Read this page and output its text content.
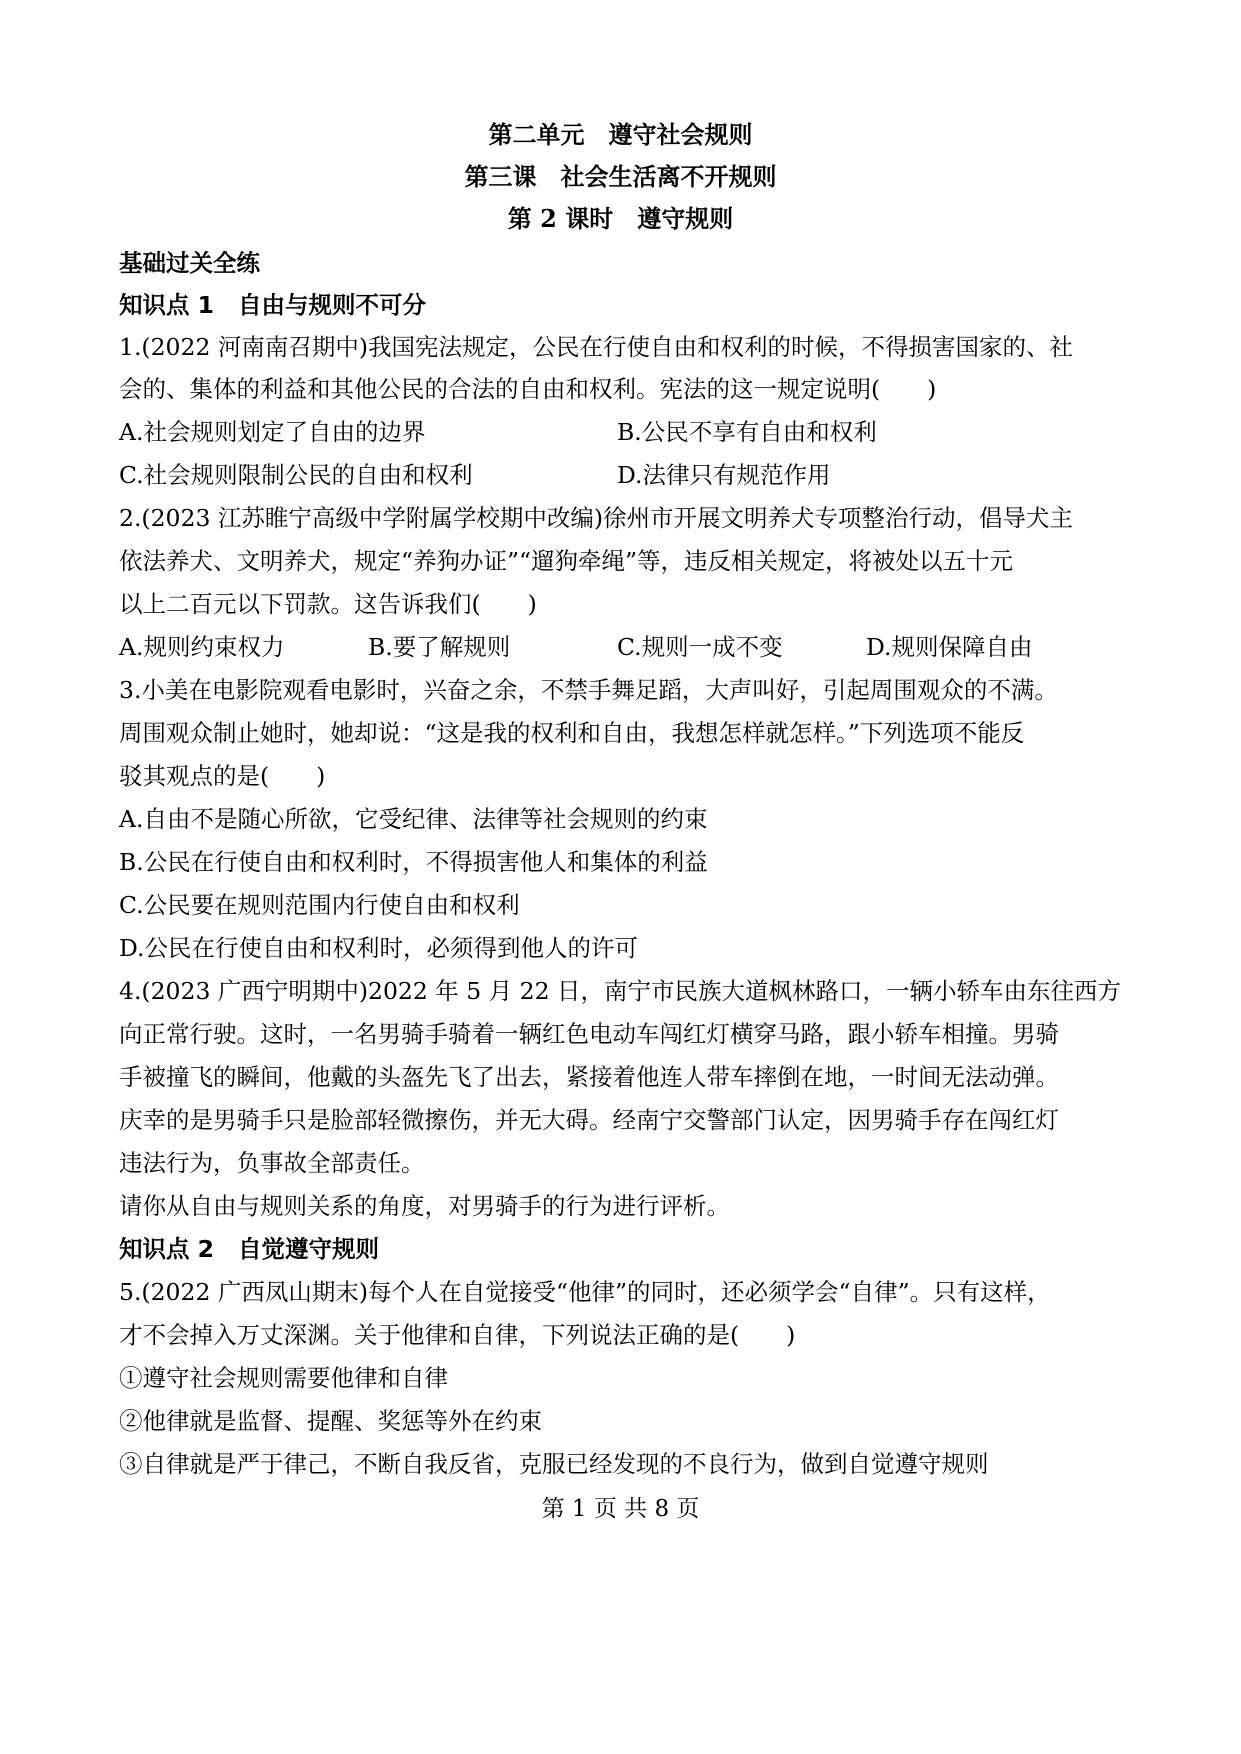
第二单元 遵守社会规则
第三课 社会生活离不开规则
第 2 课时 遵守规则

基础过关全练

知识点 1 自由与规则不可分

1.(2022 河南南召期中)我国宪法规定，公民在行使自由和权利的时候，不得损害国家的、社

会的、集体的利益和其他公民的合法的自由和权利。宪法的这一规定说明(　　)

A.社会规则划定了自由的边界	B.公民不享有自由和权利

C.社会规则限制公民的自由和权利	D.法律只有规范作用

2.(2023 江苏睢宁高级中学附属学校期中改编)徐州市开展文明养犬专项整治行动，倡导犬主

依法养犬、文明养犬，规定“养狗办证”“遛狗牵绳”等，违反相关规定，将被处以五十元

以上二百元以下罚款。这告诉我们(　　)

A.规则约束权力	B.要了解规则	C.规则一成不变	D.规则保障自由

3.小美在电影院观看电影时，兴奋之余，不禁手舞足蹈，大声叫好，引起周围观众的不满。

周围观众制止她时，她却说：“这是我的权利和自由，我想怎样就怎样。”下列选项不能反

驳其观点的是(　　)

A.自由不是随心所欲，它受纪律、法律等社会规则的约束

B.公民在行使自由和权利时，不得损害他人和集体的利益

C.公民要在规则范围内行使自由和权利

D.公民在行使自由和权利时，必须得到他人的许可

4.(2023 广西宁明期中)2022 年 5 月 22 日，南宁市民族大道枫林路口，一辆小轿车由东往西方

向正常行驶。这时，一名男骑手骑着一辆红色电动车闯红灯横穿马路，跟小轿车相撞。男骑

手被撞飞的瞬间，他戴的头盔先飞了出去，紧接着他连人带车摔倒在地，一时间无法动弹。

庆幸的是男骑手只是脸部轻微擦伤，并无大碍。经南宁交警部门认定，因男骑手存在闯红灯

违法行为，负事故全部责任。

请你从自由与规则关系的角度，对男骑手的行为进行评析。

知识点 2 自觉遵守规则

5.(2022 广西凤山期末)每个人在自觉接受“他律”的同时，还必须学会“自律”。只有这样，

才不会掉入万丈深渊。关于他律和自律，下列说法正确的是(　　)

①遵守社会规则需要他律和自律

②他律就是监督、提醒、奖惩等外在约束

③自律就是严于律己，不断自我反省，克服已经发现的不良行为，做到自觉遵守规则

第 1 页 共 8 页
